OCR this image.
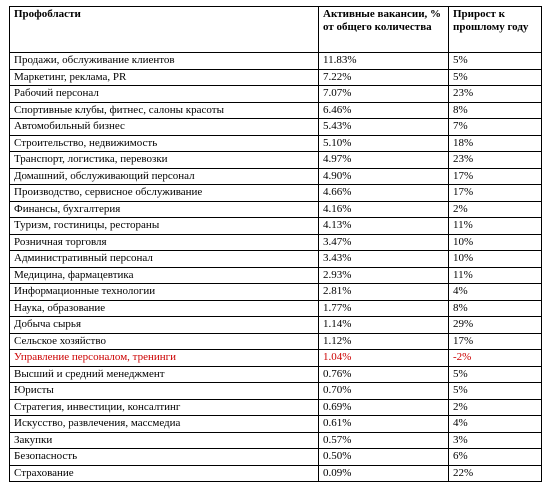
Профобласти	Активные вакансии, % от общего количества	Прирост к прошлому году
Продажи, обслуживание клиентов	11.83%	5%
Маркетинг, реклама, PR	7.22%	5%
Рабочий персонал	7.07%	23%
Спортивные клубы, фитнес, салоны красоты	6.46%	8%
Автомобильный бизнес	5.43%	7%
Строительство, недвижимость	5.10%	18%
Транспорт, логистика, перевозки	4.97%	23%
Домашний, обслуживающий персонал	4.90%	17%
Производство, сервисное обслуживание	4.66%	17%
Финансы, бухгалтерия	4.16%	2%
Туризм, гостиницы, рестораны	4.13%	11%
Розничная торговля	3.47%	10%
Административный персонал	3.43%	10%
Медицина, фармацевтика	2.93%	11%
Информационные технологии	2.81%	4%
Наука, образование	1.77%	8%
Добыча сырья	1.14%	29%
Сельское хозяйство	1.12%	17%
Управление персоналом, тренинги	1.04%	-2%
Высший и средний менеджмент	0.76%	5%
Юристы	0.70%	5%
Стратегия, инвестиции, консалтинг	0.69%	2%
Искусство, развлечения, массмедиа	0.61%	4%
Закупки	0.57%	3%
Безопасность	0.50%	6%
Страхование	0.09%	22%
